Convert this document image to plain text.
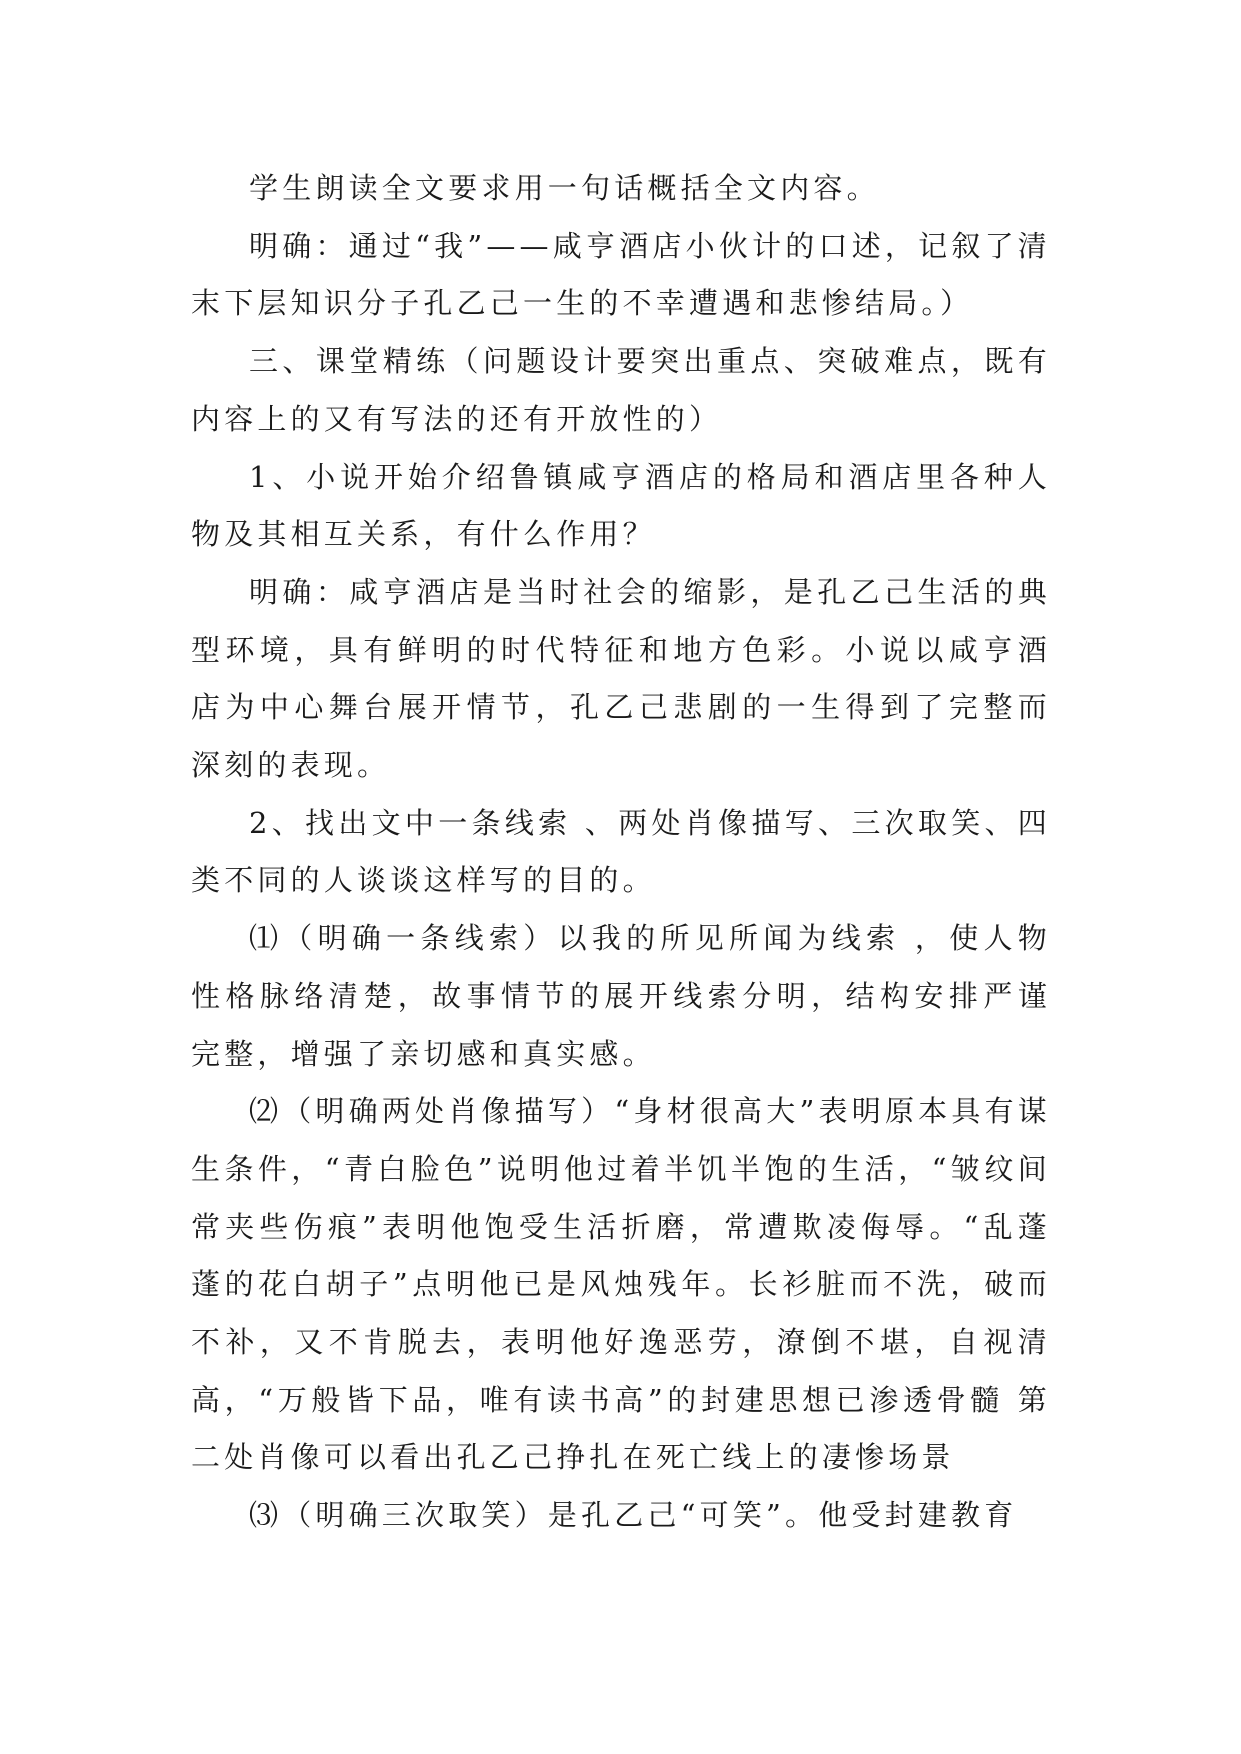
学生朗读全文要求用一句话概括全文内容。

明确：通过“我”——咸亨酒店小伙计的口述，记叙了清末下层知识分子孔乙己一生的不幸遭遇和悲惨结局。）

三、课堂精练（问题设计要突出重点、突破难点，既有内容上的又有写法的还有开放性的）

1、小说开始介绍鲁镇咸亨酒店的格局和酒店里各种人物及其相互关系，有什么作用？

明确：咸亨酒店是当时社会的缩影，是孔乙己生活的典型环境，具有鲜明的时代特征和地方色彩。小说以咸亨酒店为中心舞台展开情节，孔乙己悲剧的一生得到了完整而深刻的表现。

2、找出文中一条线索 、两处肖像描写、三次取笑、四类不同的人谈谈这样写的目的。

⑴（明确一条线索）以我的所见所闻为线索 ，使人物性格脉络清楚，故事情节的展开线索分明，结构安排严谨完整，增强了亲切感和真实感。

⑵（明确两处肖像描写）“身材很高大”表明原本具有谋生条件，“青白脸色”说明他过着半饥半饱的生活，“皱纹间常夹些伤痕”表明他饱受生活折磨，常遭欺凌侮辱。“乱蓬蓬的花白胡子”点明他已是风烛残年。长衫脏而不洗，破而不补，又不肯脱去，表明他好逸恶劳，潦倒不堪，自视清高，“万般皆下品，唯有读书高”的封建思想已渗透骨髓 第二处肖像可以看出孔乙己挣扎在死亡线上的凄惨场景

⑶（明确三次取笑）是孔乙己“可笑”。他受封建教育
